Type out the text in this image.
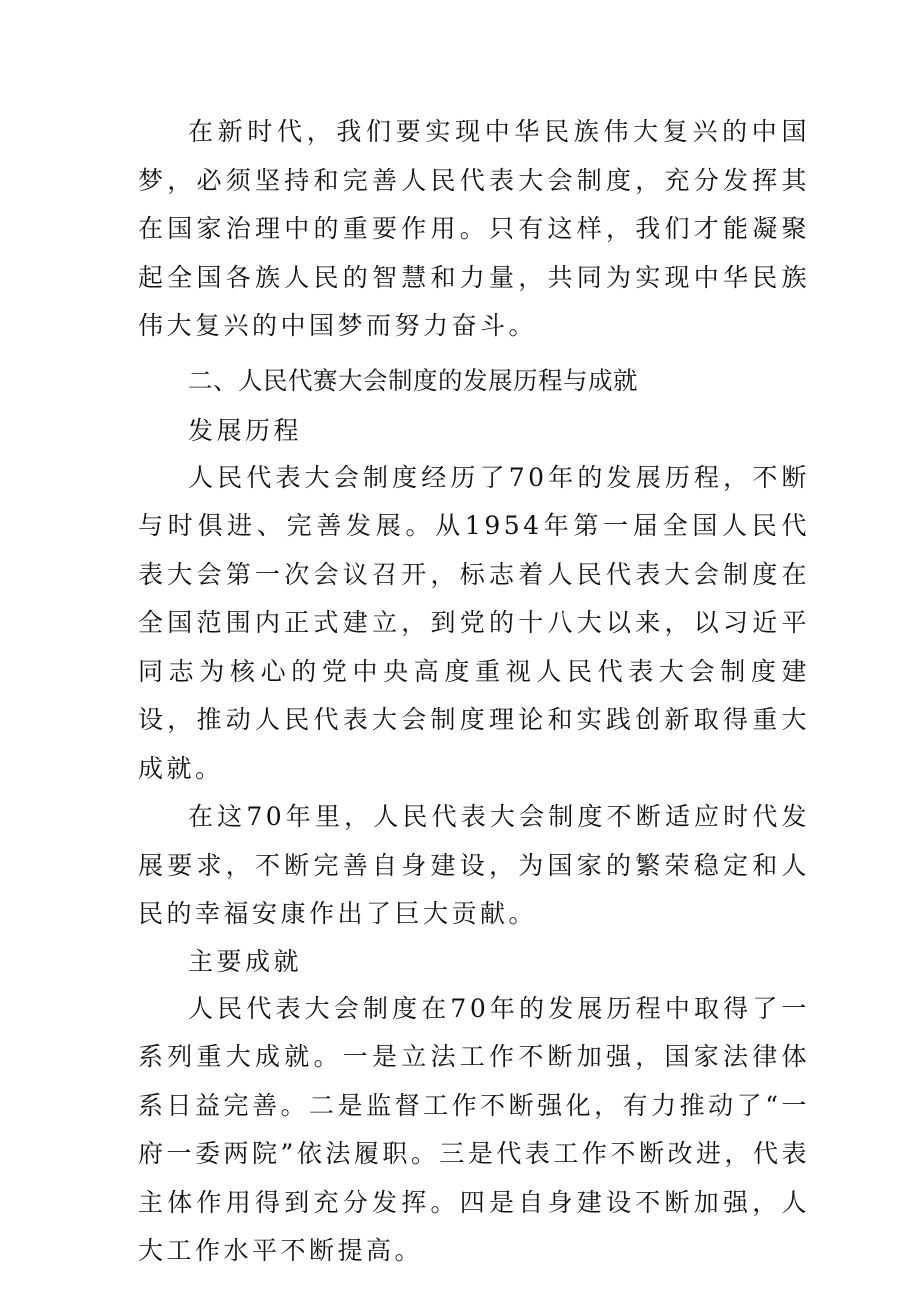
在新时代，我们要实现中华民族伟大复兴的中国梦，必须坚持和完善人民代表大会制度，充分发挥其在国家治理中的重要作用。只有这样，我们才能凝聚起全国各族人民的智慧和力量，共同为实现中华民族伟大复兴的中国梦而努力奋斗。

二、人民代赛大会制度的发展历程与成就

发展历程

人民代表大会制度经历了70年的发展历程，不断与时俱进、完善发展。从1954年第一届全国人民代表大会第一次会议召开，标志着人民代表大会制度在全国范围内正式建立，到党的十八大以来，以习近平同志为核心的党中央高度重视人民代表大会制度建设，推动人民代表大会制度理论和实践创新取得重大成就。

在这70年里，人民代表大会制度不断适应时代发展要求，不断完善自身建设，为国家的繁荣稳定和人民的幸福安康作出了巨大贡献。

主要成就

人民代表大会制度在70年的发展历程中取得了一系列重大成就。一是立法工作不断加强，国家法律体系日益完善。二是监督工作不断强化，有力推动了“一府一委两院”依法履职。三是代表工作不断改进，代表主体作用得到充分发挥。四是自身建设不断加强，人大工作水平不断提高。
